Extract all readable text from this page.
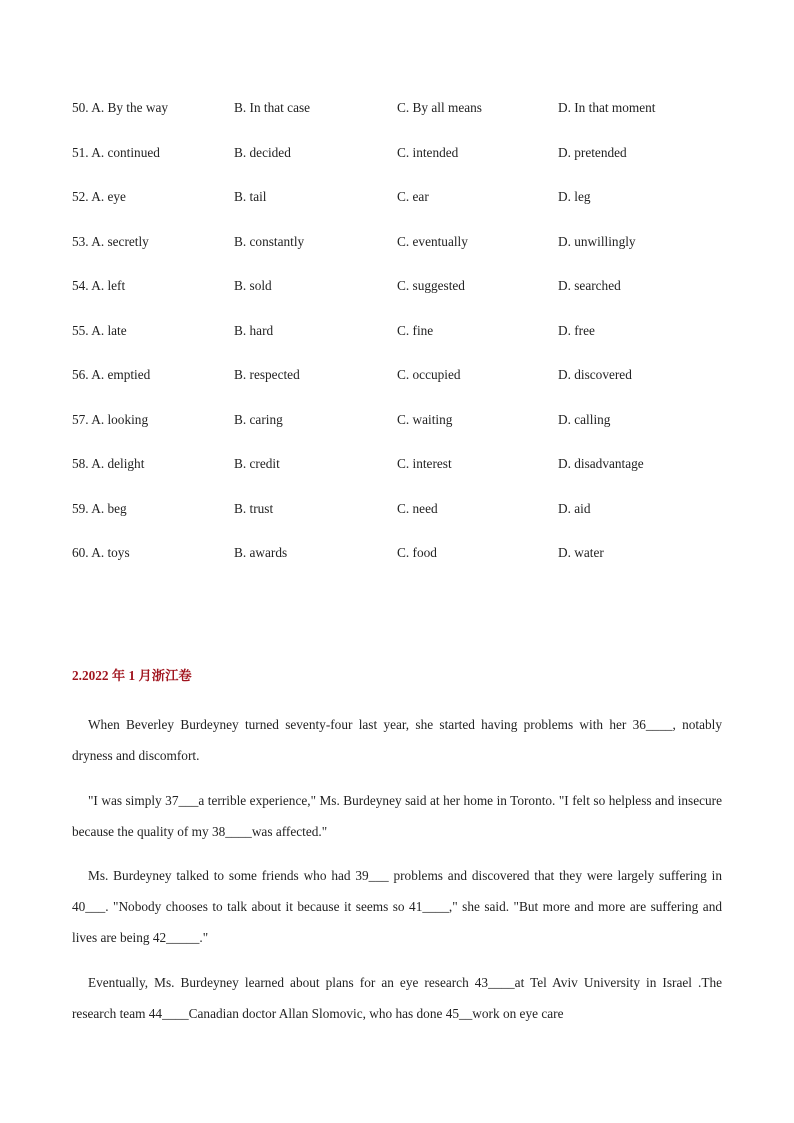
50. A. By the way	B. In that case	C. By all means	D. In that moment
51. A. continued	B. decided	C. intended	D. pretended
52. A. eye	B. tail	C. ear	D. leg
53. A. secretly	B. constantly	C. eventually	D. unwillingly
54. A. left	B. sold	C. suggested	D. searched
55. A. late	B. hard	C. fine	D. free
56. A. emptied	B. respected	C. occupied	D. discovered
57. A. looking	B. caring	C. waiting	D. calling
58. A. delight	B. credit	C. interest	D. disadvantage
59. A. beg	B. trust	C. need	D. aid
60. A. toys	B. awards	C. food	D. water
2.2022 年 1 月浙江卷

When Beverley Burdeyney turned seventy-four last year, she started having problems with her 36____, notably dryness and discomfort.

"I was simply 37___a terrible experience," Ms. Burdeyney said at her home in Toronto. "I felt so helpless and insecure because the quality of my 38____was affected."

Ms. Burdeyney talked to some friends who had 39___ problems and discovered that they were largely suffering in 40___. "Nobody chooses to talk about it because it seems so 41____," she said. "But more and more are suffering and lives are being 42_____."

Eventually, Ms. Burdeyney learned about plans for an eye research 43____at Tel Aviv University in Israel .The research team 44____Canadian doctor Allan Slomovic, who has done 45__work on eye care
